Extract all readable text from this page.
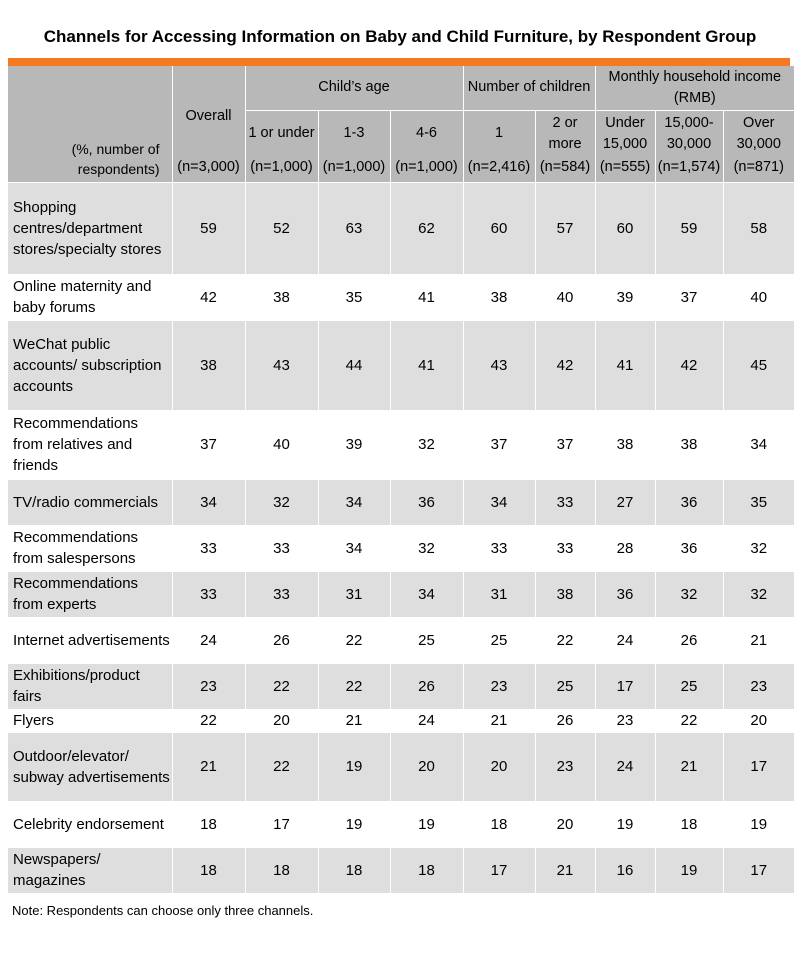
Channels for Accessing Information on Baby and Child Furniture, by Respondent Group
(%, number of respondents)	Overall	Child’s age			Number of children		Monthly household income (RMB)		
		1 or under	1-3	4-6	1	2 or more	Under 15,000	15,000-30,000	Over 30,000
	(n=3,000)	(n=1,000)	(n=1,000)	(n=1,000)	(n=2,416)	(n=584)	(n=555)	(n=1,574)	(n=871)
Shopping centres/department stores/specialty stores	59	52	63	62	60	57	60	59	58
Online maternity and baby forums	42	38	35	41	38	40	39	37	40
WeChat public accounts/ subscription accounts	38	43	44	41	43	42	41	42	45
Recommendations from relatives and friends	37	40	39	32	37	37	38	38	34
TV/radio commercials	34	32	34	36	34	33	27	36	35
Recommendations from salespersons	33	33	34	32	33	33	28	36	32
Recommendations from experts	33	33	31	34	31	38	36	32	32
Internet advertisements	24	26	22	25	25	22	24	26	21
Exhibitions/product fairs	23	22	22	26	23	25	17	25	23
Flyers	22	20	21	24	21	26	23	22	20
Outdoor/elevator/ subway advertisements	21	22	19	20	20	23	24	21	17
Celebrity endorsement	18	17	19	19	18	20	19	18	19
Newspapers/ magazines	18	18	18	18	17	21	16	19	17
Note: Respondents can choose only three channels.
